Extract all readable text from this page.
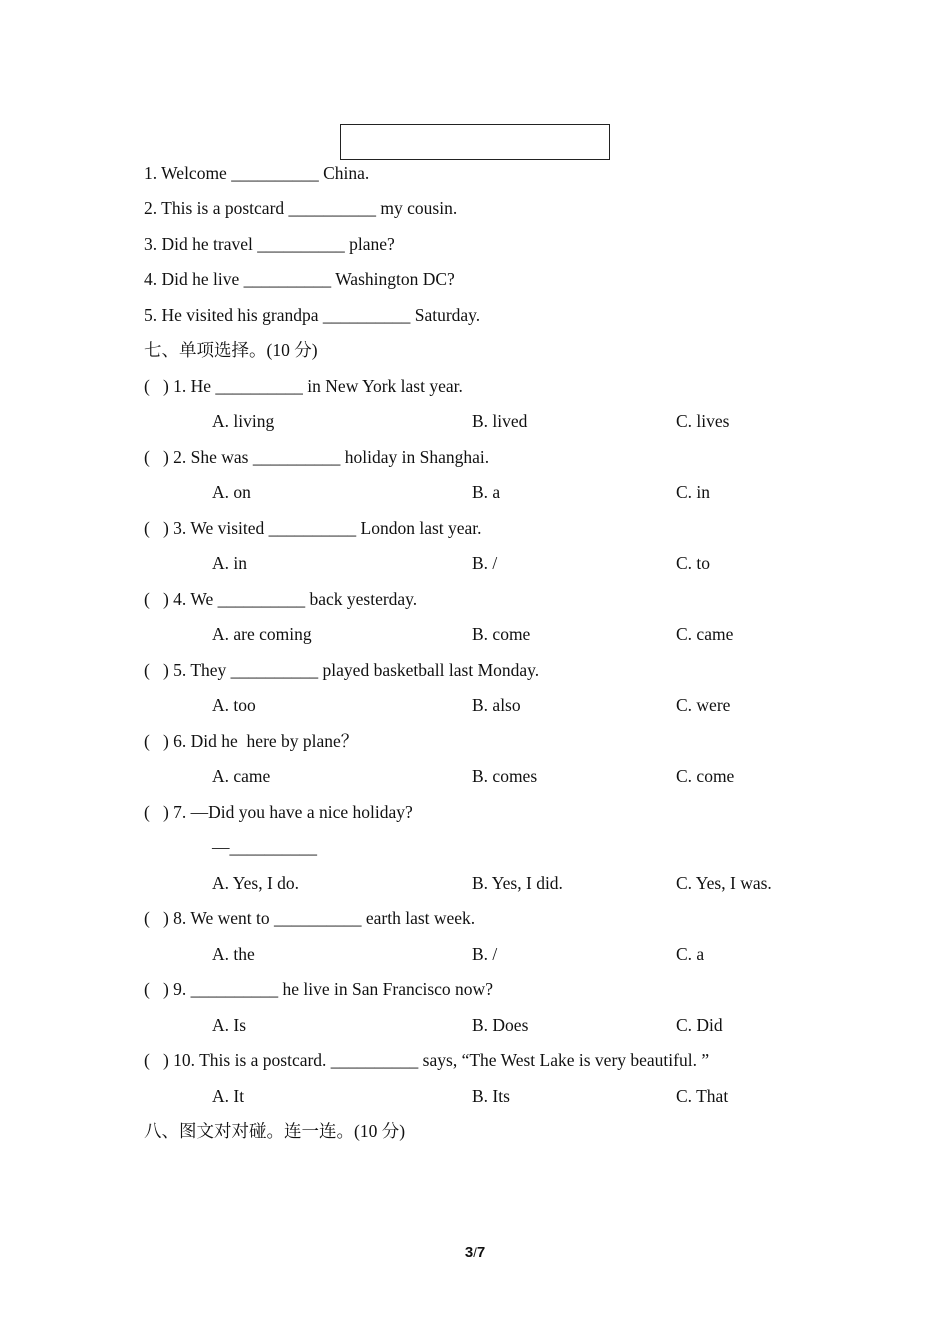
1. Welcome __________ China.
2. This is a postcard __________ my cousin.
3. Did he travel __________ plane?
4. Did he live __________ Washington DC?
5. He visited his grandpa __________ Saturday.
七、单项选择。(10 分)
(   ) 1. He __________ in New York last year.
A. living	B. lived	C. lives
(   ) 2. She was __________ holiday in Shanghai.
A. on	B. a	C. in
(   ) 3. We visited __________ London last year.
A. in	B. /	C. to
(   ) 4. We __________ back yesterday.
A. are coming	B. come	C. came
(   ) 5. They __________ played basketball last Monday.
A. too	B. also	C. were
(   ) 6. Did he  here by plane？
A. came	B. comes	C. come
(   ) 7. —Did you have a nice holiday?
—__________
A. Yes, I do.	B. Yes, I did.	C. Yes, I was.
(   ) 8. We went to __________ earth last week.
A. the	B. /	C. a
(   ) 9. __________ he live in San Francisco now?
A. Is	B. Does	C. Did
(   ) 10. This is a postcard. __________ says, “The West Lake is very beautiful. ”
A. It	B. Its	C. That
八、图文对对碰。连一连。(10 分)
3/7
